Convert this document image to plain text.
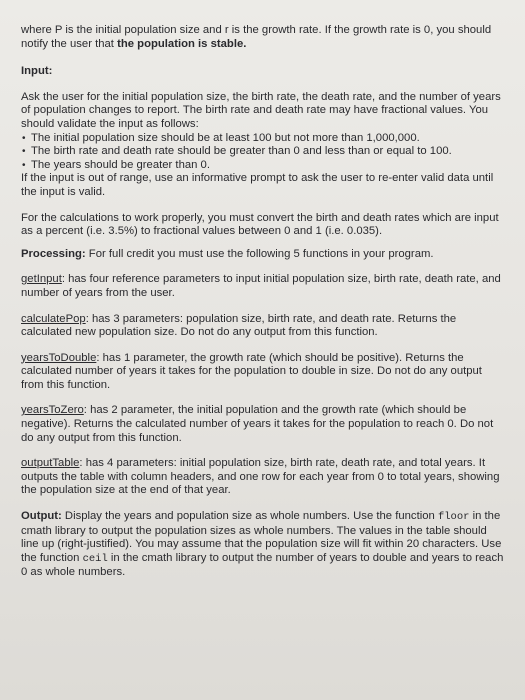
where P is the initial population size and r is the growth rate. If the growth rate is 0, you should notify the user that the population is stable.

Input:

Ask the user for the initial population size, the birth rate, the death rate, and the number of years of population changes to report. The birth rate and death rate may have fractional values. You should validate the input as follows:

• The initial population size should be at least 100 but not more than 1,000,000.
• The birth rate and death rate should be greater than 0 and less than or equal to 100.
• The years should be greater than 0.

If the input is out of range, use an informative prompt to ask the user to re-enter valid data until the input is valid.

For the calculations to work properly, you must convert the birth and death rates which are input as a percent (i.e. 3.5%) to fractional values between 0 and 1 (i.e. 0.035).

Processing: For full credit you must use the following 5 functions in your program.

getInput: has four reference parameters to input initial population size, birth rate, death rate, and number of years from the user.

calculatePop: has 3 parameters: population size, birth rate, and death rate. Returns the calculated new population size. Do not do any output from this function.

yearsToDouble: has 1 parameter, the growth rate (which should be positive). Returns the calculated number of years it takes for the population to double in size. Do not do any output from this function.

yearsToZero: has 2 parameter, the initial population and the growth rate (which should be negative). Returns the calculated number of years it takes for the population to reach 0. Do not do any output from this function.

outputTable: has 4 parameters: initial population size, birth rate, death rate, and total years. It outputs the table with column headers, and one row for each year from 0 to total years, showing the population size at the end of that year.

Output: Display the years and population size as whole numbers. Use the function floor in the cmath library to output the population sizes as whole numbers. The values in the table should line up (right-justified). You may assume that the population size will fit within 20 characters. Use the function ceil in the cmath library to output the number of years to double and years to reach 0 as whole numbers.
